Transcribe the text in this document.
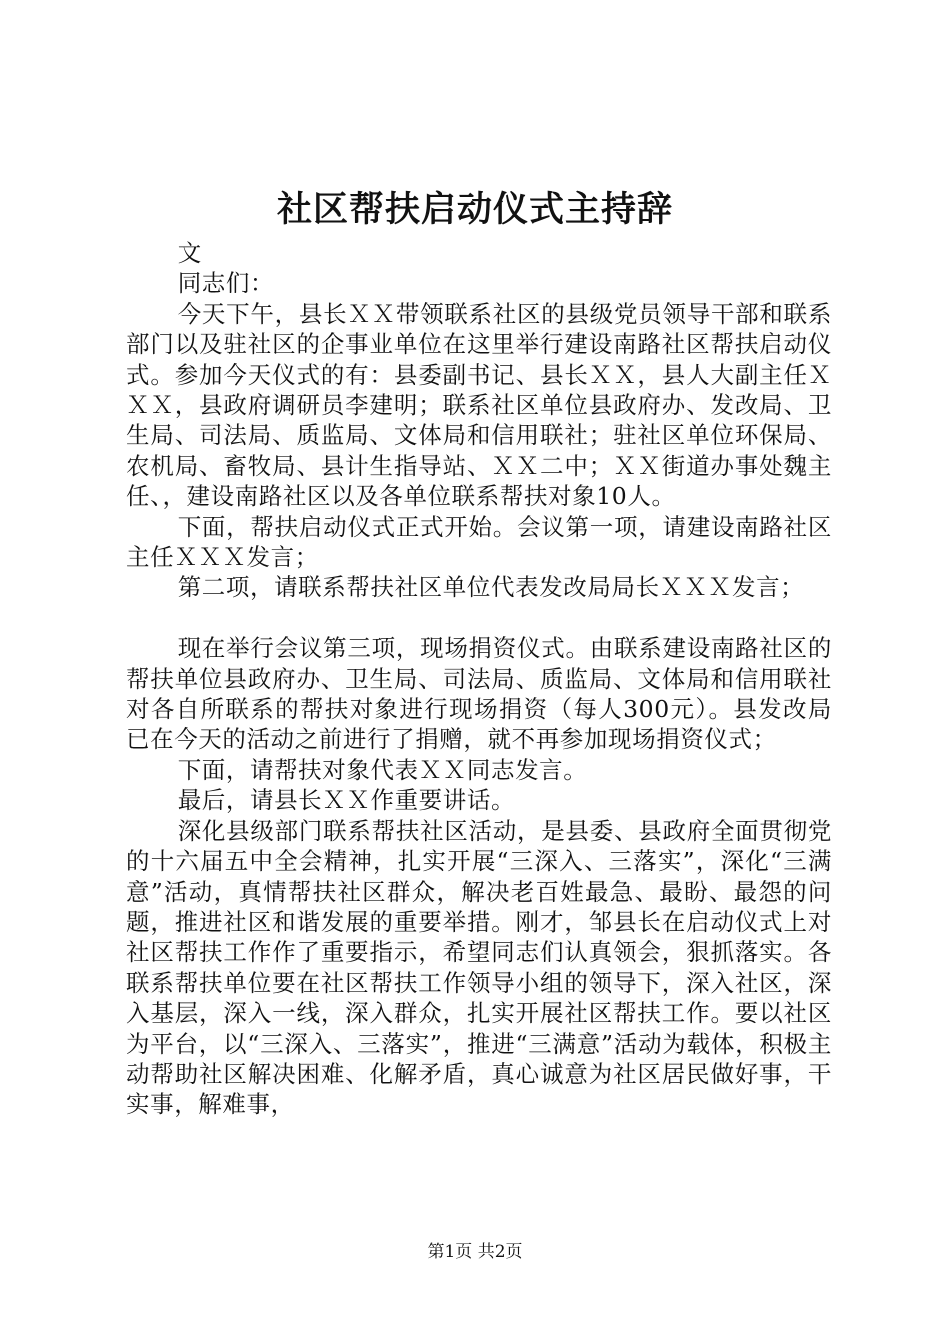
社区帮扶启动仪式主持辞

文

同志们：

今天下午，县长ＸＸ带领联系社区的县级党员领导干部和联系部门以及驻社区的企事业单位在这里举行建设南路社区帮扶启动仪式。参加今天仪式的有：县委副书记、县长ＸＸ，县人大副主任ＸＸＸ，县政府调研员李建明；联系社区单位县政府办、发改局、卫生局、司法局、质监局、文体局和信用联社；驻社区单位环保局、农机局、畜牧局、县计生指导站、ＸＸ二中；ＸＸ街道办事处魏主任、，建设南路社区以及各单位联系帮扶对象10人。

下面，帮扶启动仪式正式开始。会议第一项，请建设南路社区主任ＸＸＸ发言；

第二项，请联系帮扶社区单位代表发改局局长ＸＸＸ发言；

现在举行会议第三项，现场捐资仪式。由联系建设南路社区的帮扶单位县政府办、卫生局、司法局、质监局、文体局和信用联社对各自所联系的帮扶对象进行现场捐资（每人300元）。县发改局已在今天的活动之前进行了捐赠，就不再参加现场捐资仪式；

下面，请帮扶对象代表ＸＸ同志发言。

最后，请县长ＸＸ作重要讲话。

深化县级部门联系帮扶社区活动，是县委、县政府全面贯彻党的十六届五中全会精神，扎实开展“三深入、三落实”，深化“三满意”活动，真情帮扶社区群众，解决老百姓最急、最盼、最怨的问题，推进社区和谐发展的重要举措。刚才，邹县长在启动仪式上对社区帮扶工作作了重要指示，希望同志们认真领会，狠抓落实。各联系帮扶单位要在社区帮扶工作领导小组的领导下，深入社区，深入基层，深入一线，深入群众，扎实开展社区帮扶工作。要以社区为平台，以“三深入、三落实”，推进“三满意”活动为载体，积极主动帮助社区解决困难、化解矛盾，真心诚意为社区居民做好事，干实事，解难事，

第1页 共2页
